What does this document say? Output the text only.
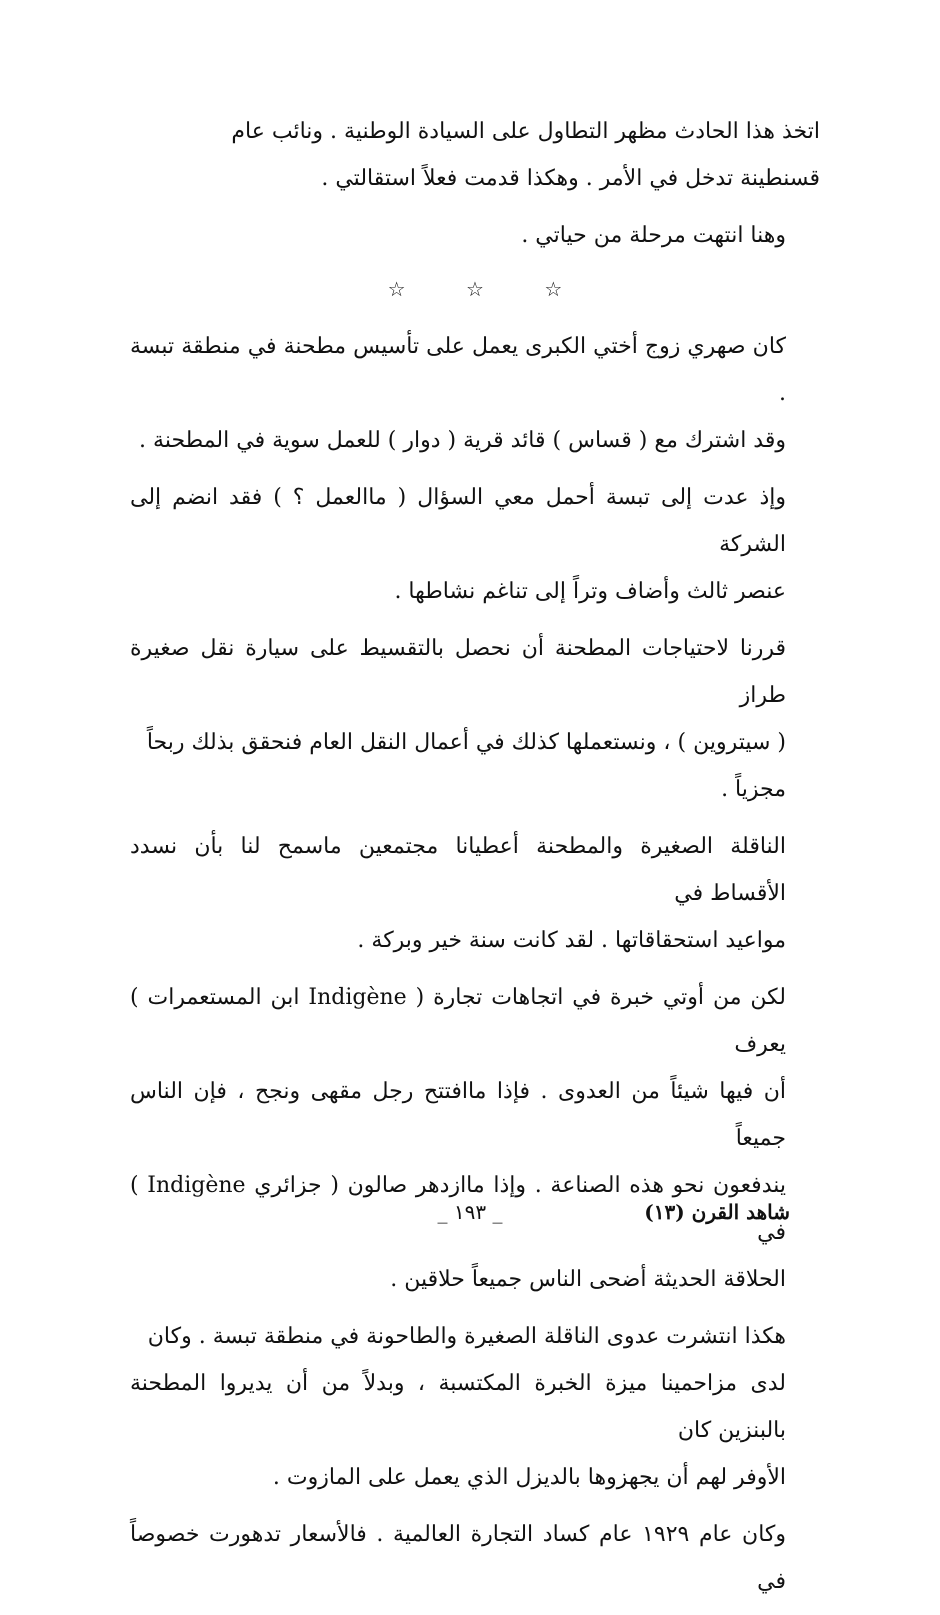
اتخذ هذا الحادث مظهر التطاول على السيادة الوطنية . ونائب عام
قسنطينة تدخل في الأمر . وهكذا قدمت فعلاً استقالتي .

وهنا انتهت مرحلة من حياتي .

☆	☆	☆

كان صهري زوج أختي الكبرى يعمل على تأسيس مطحنة في منطقة تبسة .
وقد اشترك مع ( قساس ) قائد قرية ( دوار ) للعمل سوية في المطحنة .

وإذ عدت إلى تبسة أحمل معي السؤال ( ماالعمل ؟ ) فقد انضم إلى الشركة
عنصر ثالث وأضاف وتراً إلى تناغم نشاطها .

قررنا لاحتياجات المطحنة أن نحصل بالتقسيط على سيارة نقل صغيرة طراز
( سيتروين ) ، ونستعملها كذلك في أعمال النقل العام فنحقق بذلك ربحاً
مجزياً .

الناقلة الصغيرة والمطحنة أعطيانا مجتمعين ماسمح لنا بأن نسدد الأقساط في
مواعيد استحقاقاتها . لقد كانت سنة خير وبركة .

لكن من أوتي خبرة في اتجاهات تجارة ( Indigène ابن المستعمرات ) يعرف
أن فيها شيئاً من العدوى . فإذا ماافتتح رجل مقهى ونجح ، فإن الناس جميعاً
يندفعون نحو هذه الصناعة . وإذا ماازدهر صالون ( جزائري Indigène ) في
الحلاقة الحديثة أضحى الناس جميعاً حلاقين .

هكذا انتشرت عدوى الناقلة الصغيرة والطاحونة في منطقة تبسة . وكان
لدى مزاحمينا ميزة الخبرة المكتسبة ، وبدلاً من أن يديروا المطحنة بالبنزين كان
الأوفر لهم أن يجهزوها بالديزل الذي يعمل على المازوت .

وكان عام ١٩٢٩ عام كساد التجارة العالمية . فالأسعار تدهورت خصوصاً في

شاهد القرن (١٣)
_ ١٩٣ _
